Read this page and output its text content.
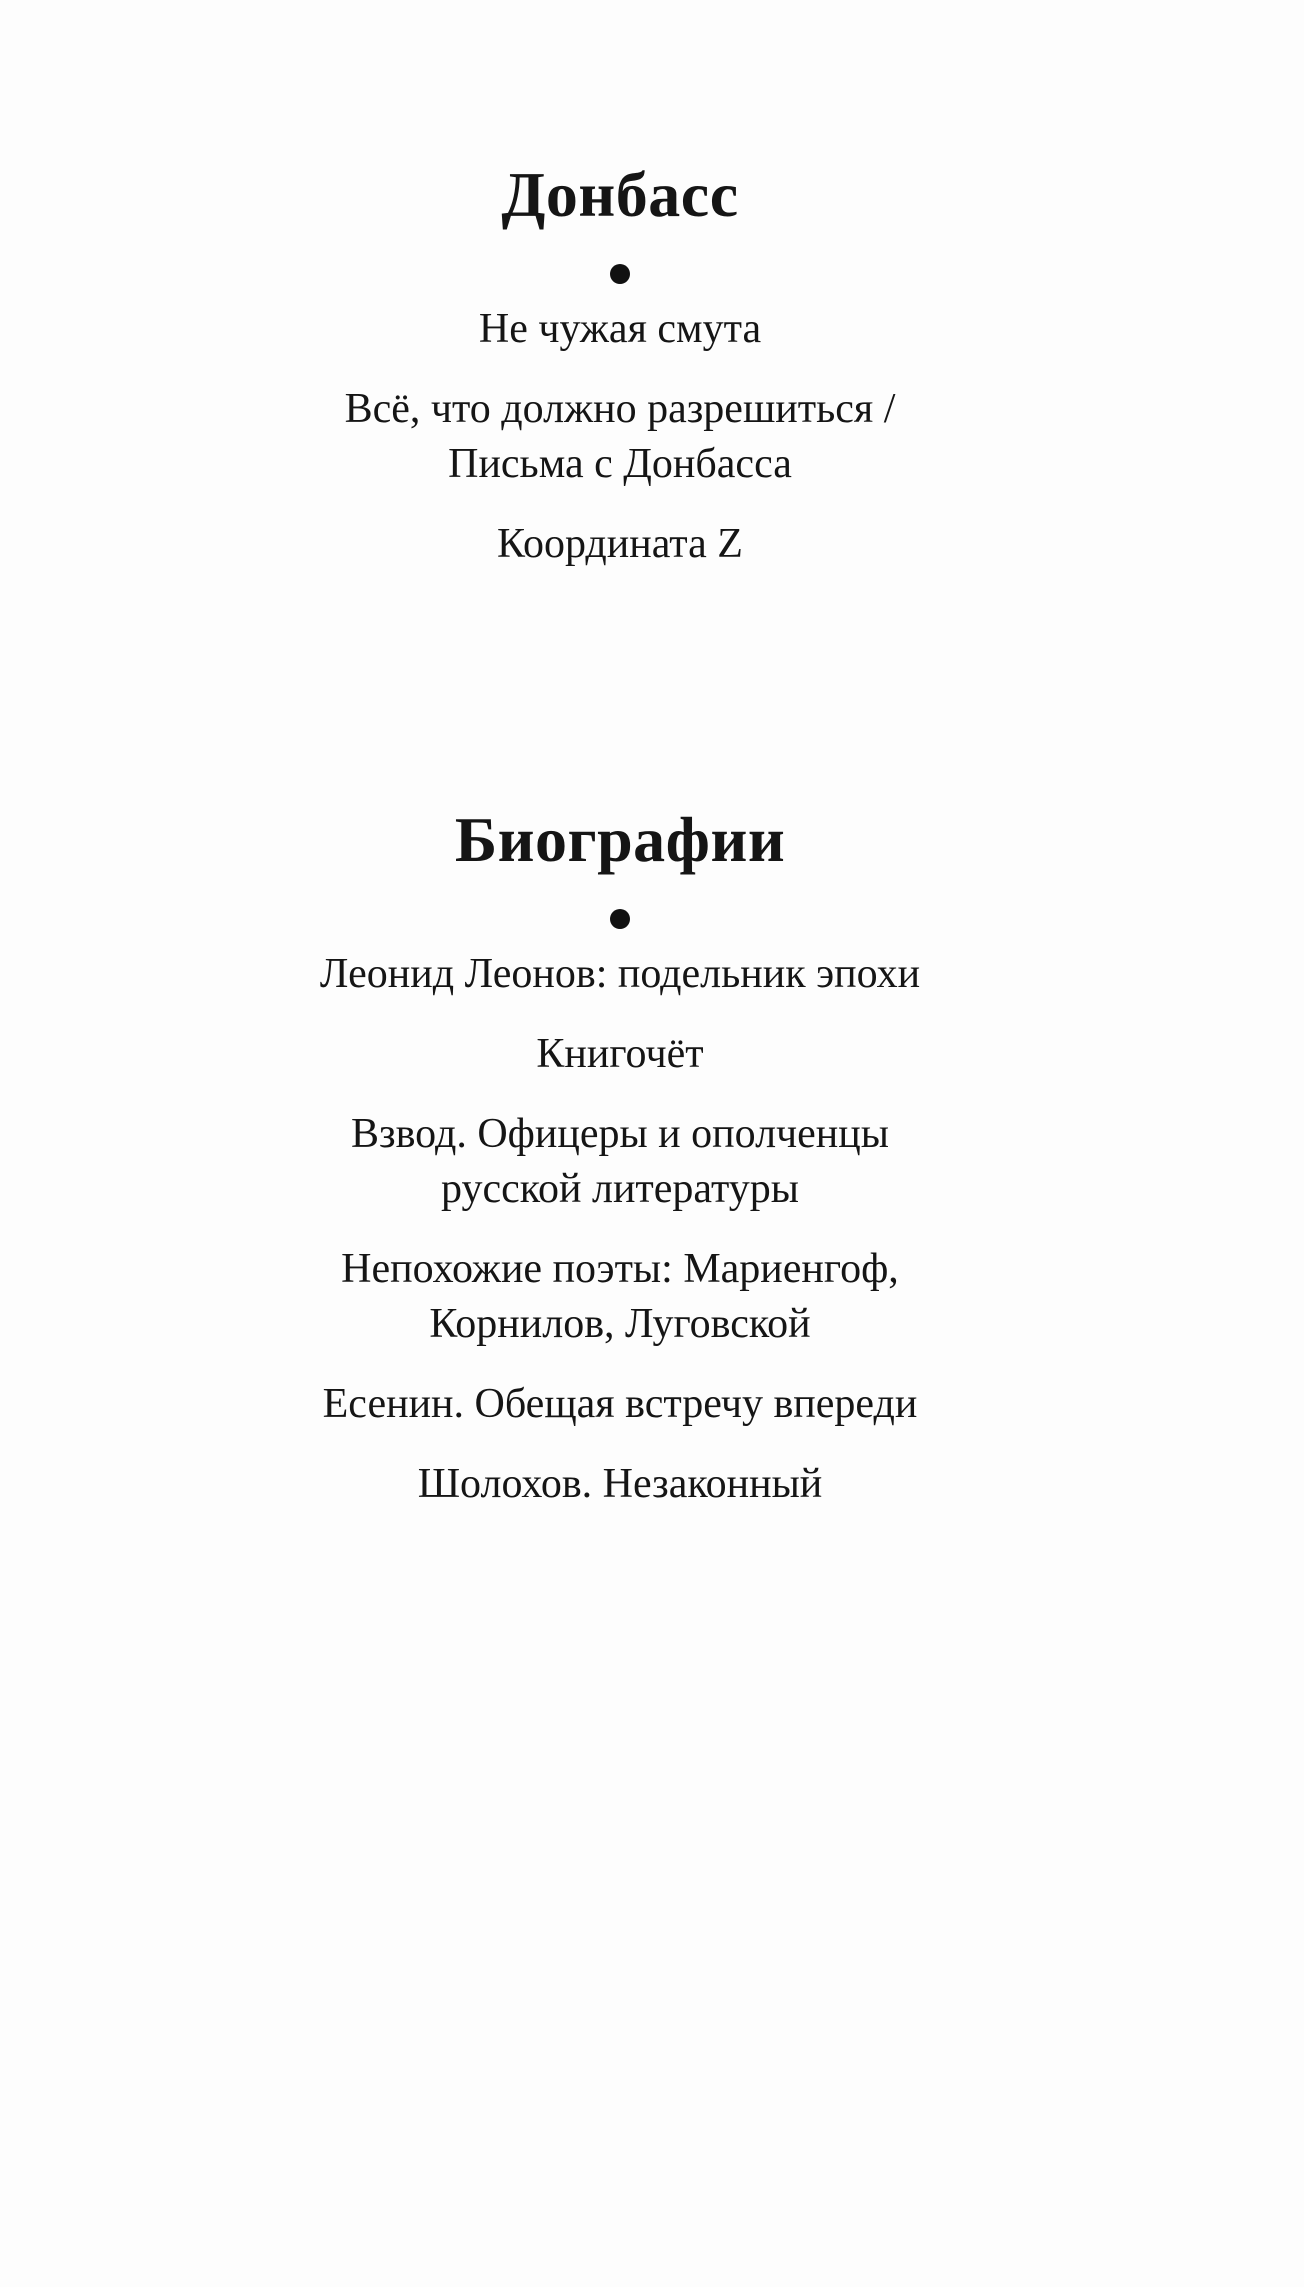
Донбасс
Не чужая смута
Всё, что должно разрешиться /
Письма с Донбасса
Координата Z
Биографии
Леонид Леонов: подельник эпохи
Книгочёт
Взвод. Офицеры и ополченцы
русской литературы
Непохожие поэты: Мариенгоф,
Корнилов, Луговской
Есенин. Обещая встречу впереди
Шолохов. Незаконный
